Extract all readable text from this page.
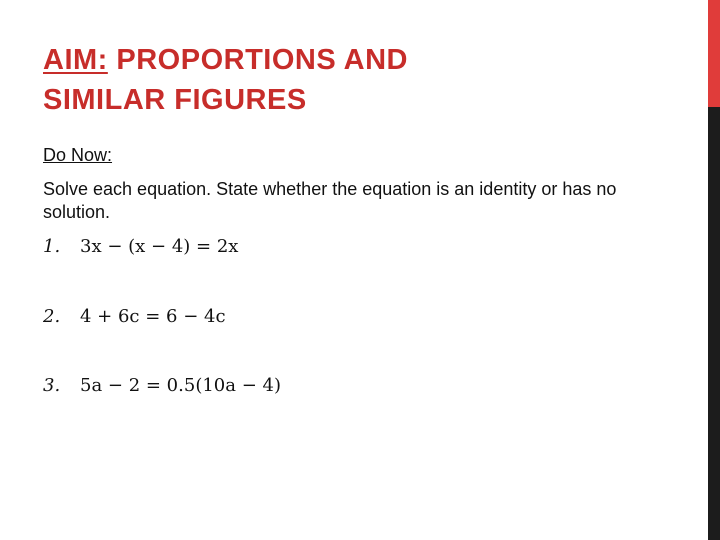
AIM: PROPORTIONS AND
SIMILAR FIGURES
Do Now:
Solve each equation. State whether the equation is an identity or has no solution.
1. 3x − (x − 4) = 2x
2. 4 + 6c = 6 − 4c
3. 5a − 2 = 0.5(10a − 4)
